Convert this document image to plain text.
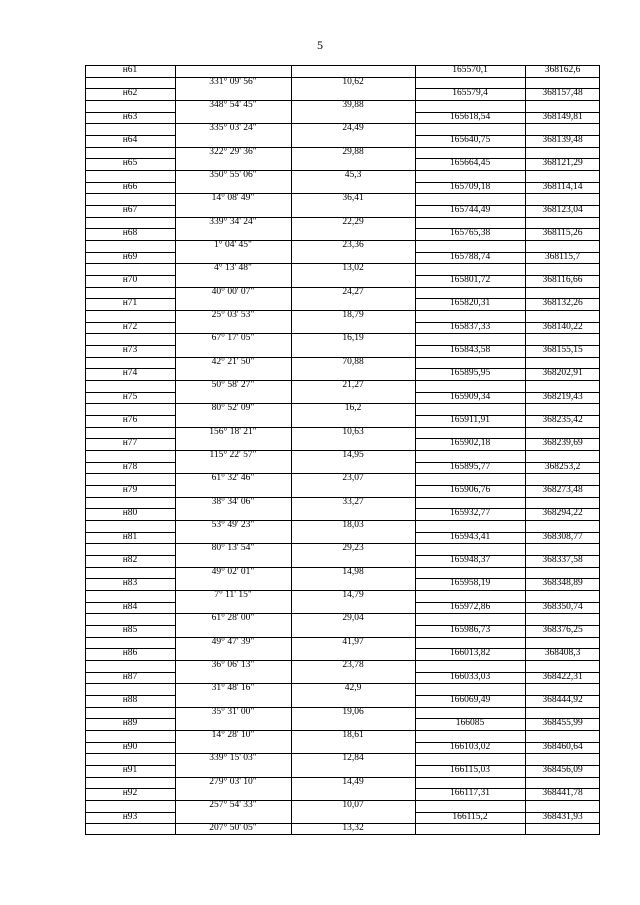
5
н61	165570,1	368162,6
331° 09' 56"	10,62
н62	165579,4	368157,48
348° 54' 45"	39,88
н63	165618,54	368149,81
335° 03' 24"	24,49
н64	165640,75	368139,48
322° 29' 36"	29,88
н65	165664,45	368121,29
350° 55' 06"	45,3
н66	165709,18	368114,14
14° 08' 49"	36,41
н67	165744,49	368123,04
339° 34' 24"	22,29
н68	165765,38	368115,26
1° 04' 45"	23,36
н69	165788,74	368115,7
4° 13' 48"	13,02
н70	165801,72	368116,66
40° 00' 07"	24,27
н71	165820,31	368132,26
25° 03' 53"	18,79
н72	165837,33	368140,22
67° 17' 05"	16,19
н73	165843,58	368155,15
42° 21' 50"	70,88
н74	165895,95	368202,91
50° 58' 27"	21,27
н75	165909,34	368219,43
80° 52' 09"	16,2
н76	165911,91	368235,42
156° 18' 21"	10,63
н77	165902,18	368239,69
115° 22' 57"	14,95
н78	165895,77	368253,2
61° 32' 46"	23,07
н79	165906,76	368273,48
38° 34' 06"	33,27
н80	165932,77	368294,22
53° 49' 23"	18,03
н81	165943,41	368308,77
80° 13' 54"	29,23
н82	165948,37	368337,58
49° 02' 01"	14,98
н83	165958,19	368348,89
7° 11' 15"	14,79
н84	165972,86	368350,74
61° 28' 00"	29,04
н85	165986,73	368376,25
49° 47' 39"	41,97
н86	166013,82	368408,3
36° 06' 13"	23,78
н87	166033,03	368422,31
31° 48' 16"	42,9
н88	166069,49	368444,92
35° 31' 00"	19,06
н89	166085	368455,99
14° 28' 10"	18,61
н90	166103,02	368460,64
339° 15' 03"	12,84
н91	166115,03	368456,09
279° 03' 10"	14,49
н92	166117,31	368441,78
257° 54' 33"	10,07
н93	166115,2	368431,93
207° 50' 05"	13,32
